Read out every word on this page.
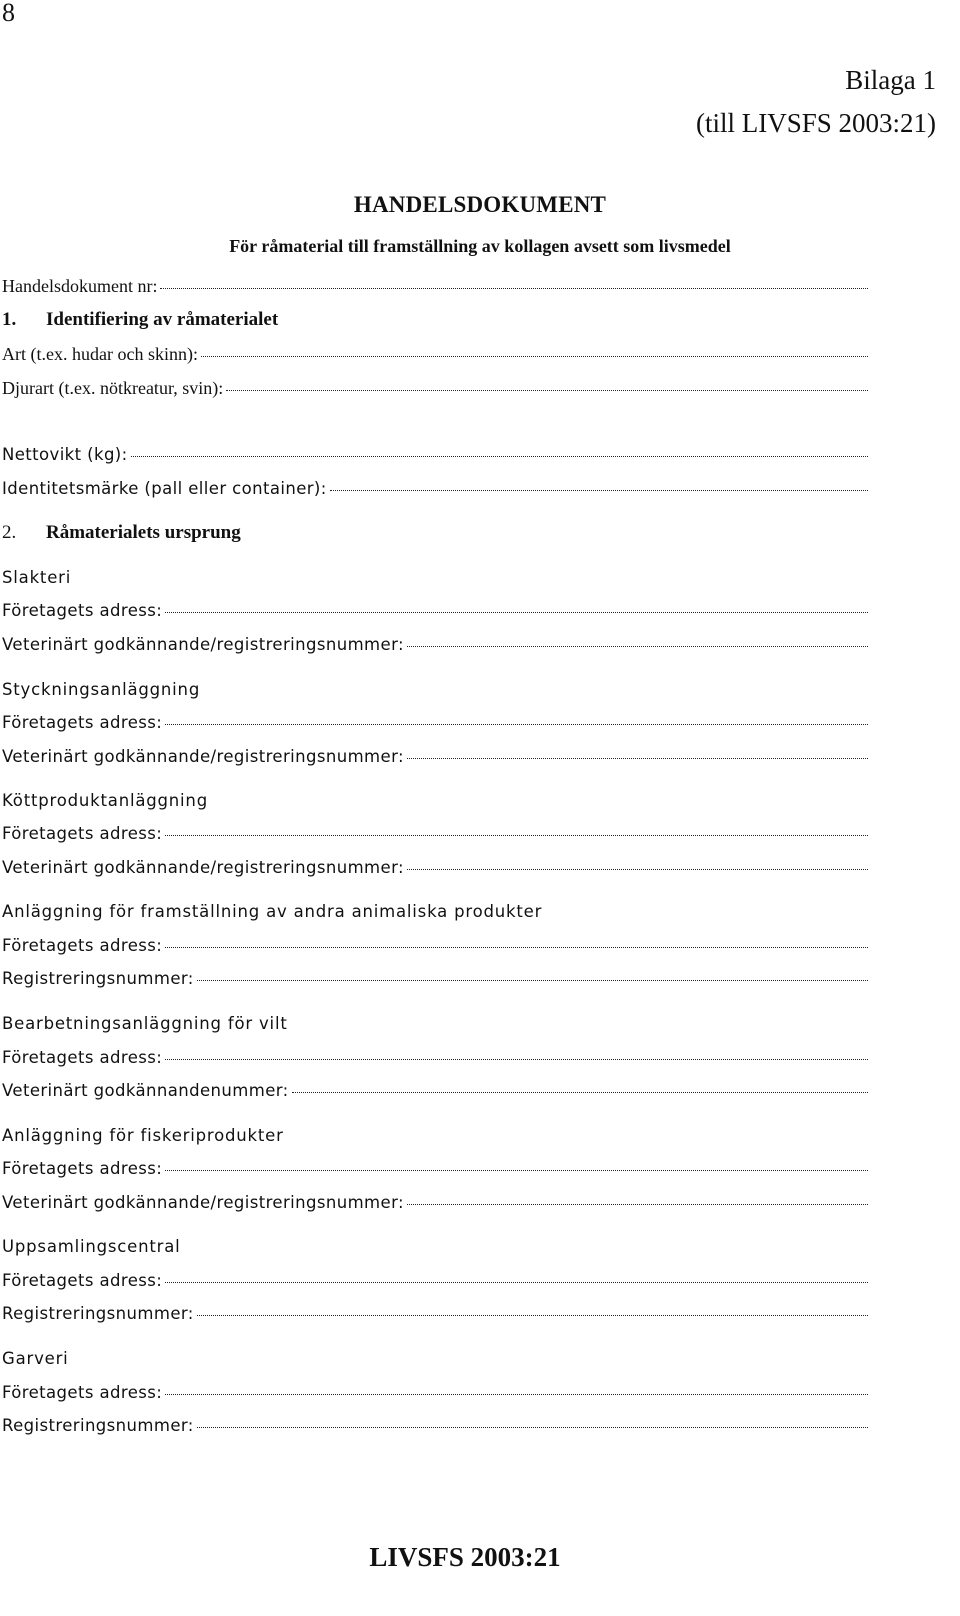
8
Bilaga 1
(till LIVSFS 2003:21)
HANDELSDOKUMENT
För råmaterial till framställning av kollagen avsett som livsmedel
Handelsdokument nr:
1. Identifiering av råmaterialet
Art (t.ex. hudar och skinn):
Djurart (t.ex. nötkreatur, svin):
Nettovikt (kg):
Identitetsmärke (pall eller container):
2. Råmaterialets ursprung
Slakteri
Företagets adress:
Veterinärt godkännande/registreringsnummer:
Styckningsanläggning
Företagets adress:
Veterinärt godkännande/registreringsnummer:
Köttproduktanläggning
Företagets adress:
Veterinärt godkännande/registreringsnummer:
Anläggning för framställning av andra animaliska produkter
Företagets adress:
Registreringsnummer:
Bearbetningsanläggning för vilt
Företagets adress:
Veterinärt godkännandenummer:
Anläggning för fiskeriprodukter
Företagets adress:
Veterinärt godkännande/registreringsnummer:
Uppsamlingscentral
Företagets adress:
Registreringsnummer:
Garveri
Företagets adress:
Registreringsnummer:
LIVSFS 2003:21
